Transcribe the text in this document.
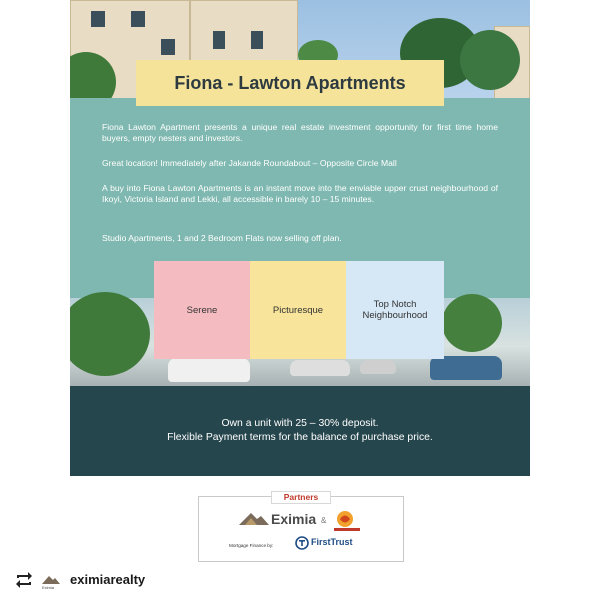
Fiona - Lawton Apartments
Fiona Lawton Apartment presents a unique real estate investment opportunity for first time home buyers, empty nesters and investors.
Great location! Immediately after Jakande Roundabout – Opposite Circle Mall
A buy into Fiona Lawton Apartments is an instant move into the enviable upper crust neighbourhood of Ikoyi, Victoria Island and Lekki, all accessible in barely 10 – 15 minutes.
Studio Apartments, 1 and 2 Bedroom Flats now selling off plan.
Serene	Picturesque	Top Notch Neighbourhood
Own a unit with 25 – 30% deposit.
Flexible Payment terms for the balance of purchase price.
Partners
Eximia &
Mortgage Finance by:	FirstTrust
Eximia
eximiarealty
